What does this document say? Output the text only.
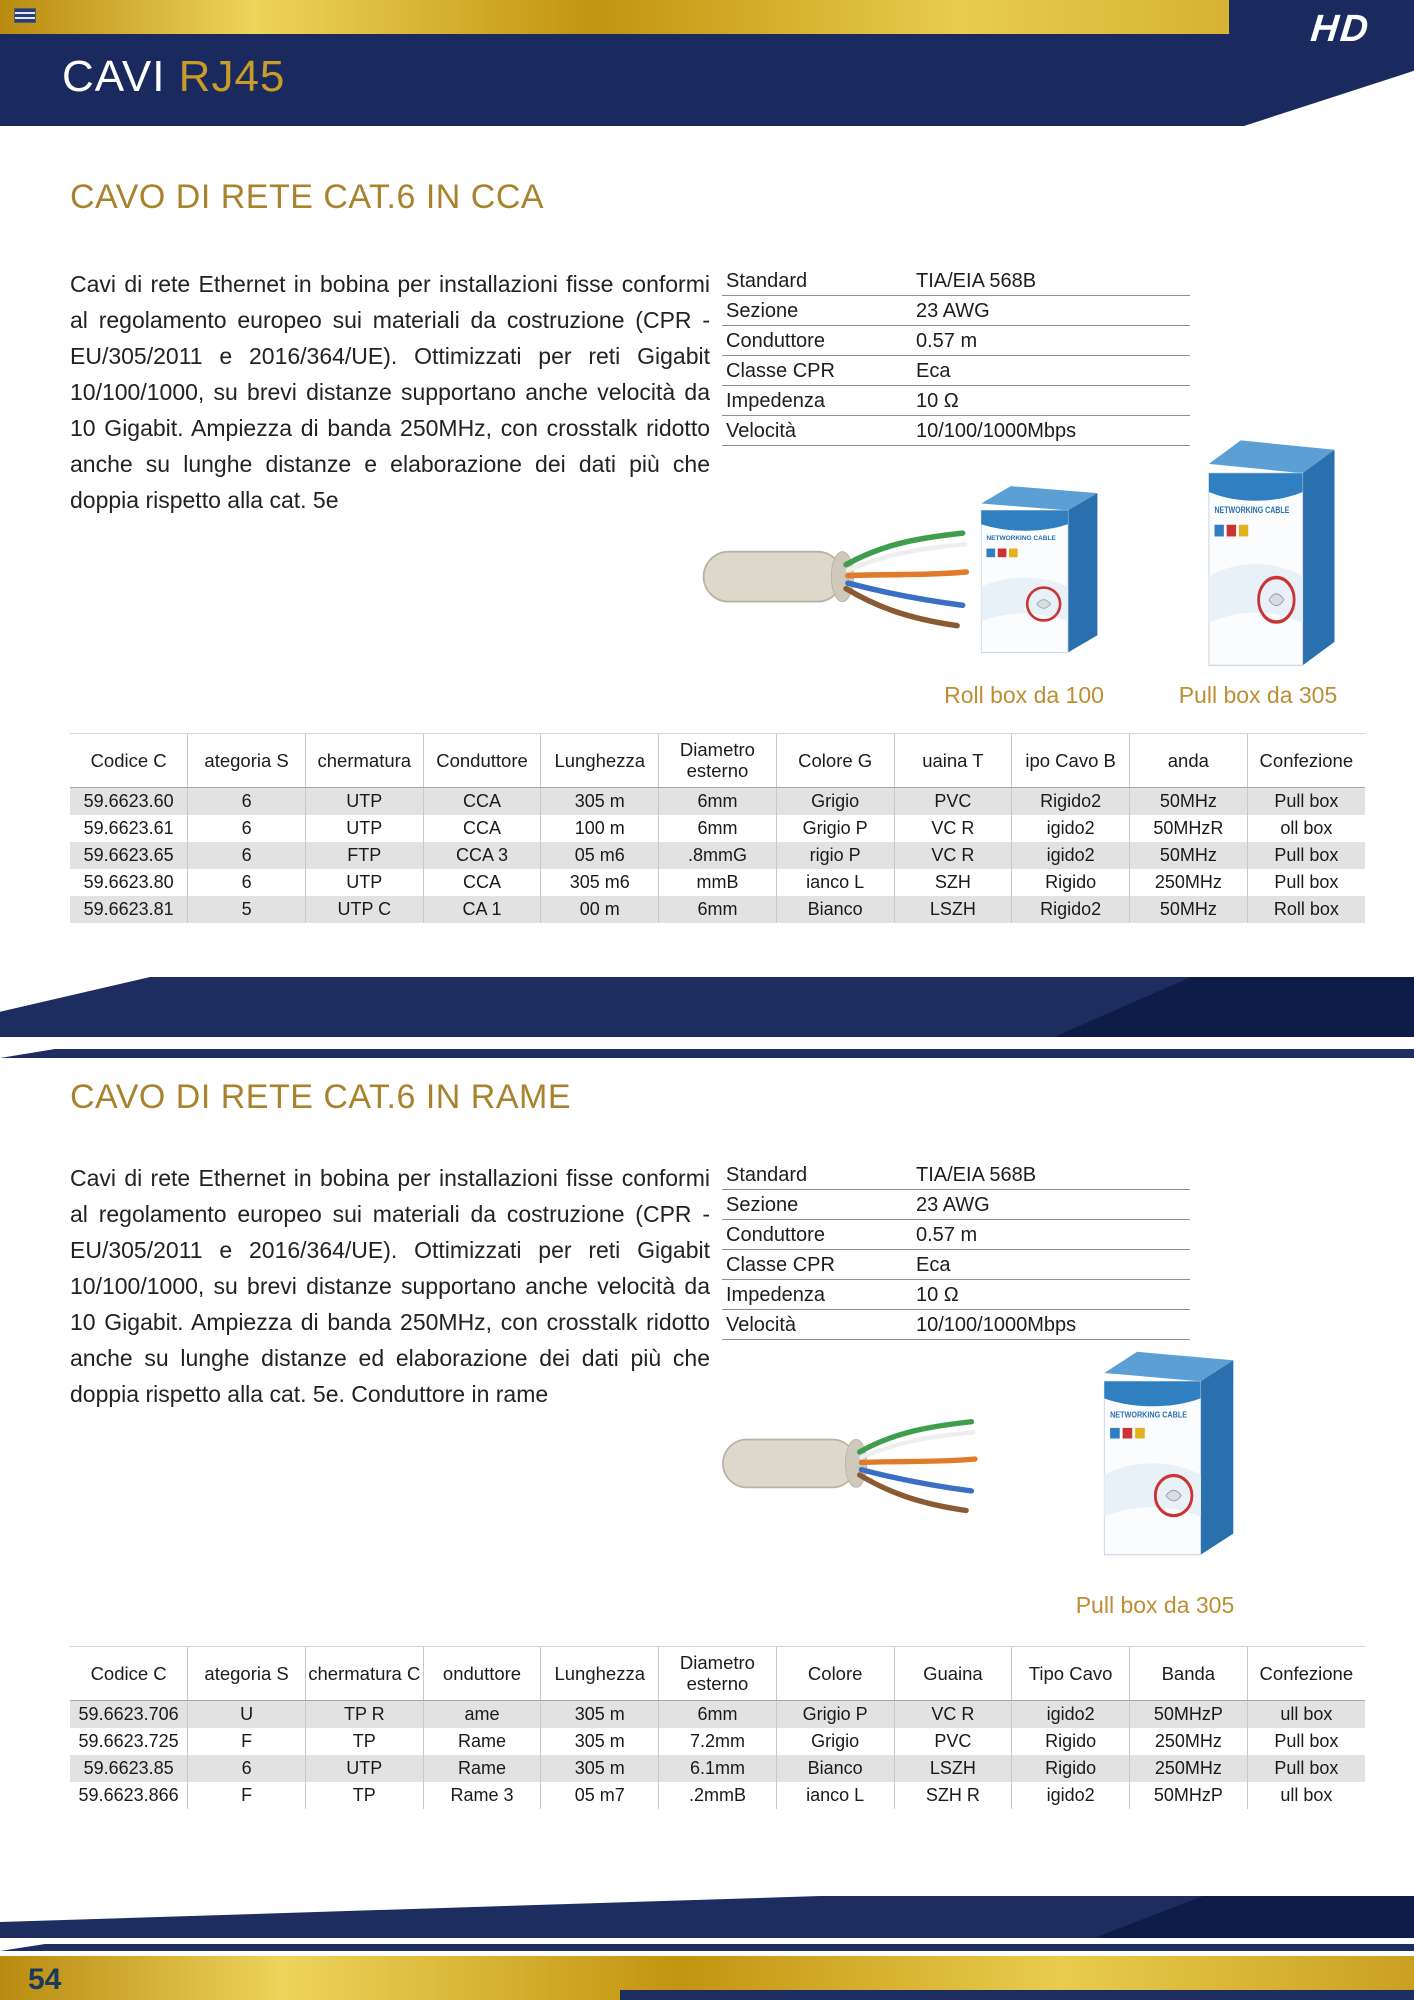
HD
CAVI RJ45
CAVO DI RETE CAT.6 IN CCA

Cavi di rete Ethernet in bobina per installazioni fisse conformi al regolamento europeo sui materiali da costruzione (CPR - EU/305/2011 e 2016/364/UE). Ottimizzati per reti Gigabit 10/100/1000, su brevi distanze supportano anche velocità da 10 Gigabit. Ampiezza di banda 250MHz, con crosstalk ridotto anche su lunghe distanze e elaborazione dei dati più che doppia rispetto alla cat. 5e

Standard	TIA/EIA 568B
Sezione	23 AWG
Conduttore	0.57 m
Classe CPR	Eca
Impedenza	10 Ω
Velocità	10/100/1000Mbps
NETWORKING CABLE
NETWORKING CABLE
Roll box da 100	Pull box da 305
Codice C	ategoria S	chermatura	Conduttore	Lunghezza	Diametro esterno	Colore G	uaina T	ipo Cavo B	anda	Confezione
59.6623.60	6	UTP	CCA	305 m	6mm	Grigio	PVC	Rigido2	50MHz	Pull box
59.6623.61	6	UTP	CCA	100 m	6mm	Grigio P	VC R	igido2	50MHzR	oll box
59.6623.65	6	FTP	CCA 3	05 m6	.8mmG	rigio P	VC R	igido2	50MHz	Pull box
59.6623.80	6	UTP	CCA	305 m6	mmB	ianco L	SZH	Rigido	250MHz	Pull box
59.6623.81	5	UTP C	CA 1	00 m	6mm	Bianco	LSZH	Rigido2	50MHz	Roll box
CAVO DI RETE CAT.6 IN RAME

Cavi di rete Ethernet in bobina per installazioni fisse conformi al regolamento europeo sui materiali da costruzione (CPR - EU/305/2011 e 2016/364/UE). Ottimizzati per reti Gigabit 10/100/1000, su brevi distanze supportano anche velocità da 10 Gigabit. Ampiezza di banda 250MHz, con crosstalk ridotto anche su lunghe distanze ed elaborazione dei dati più che doppia rispetto alla cat. 5e. Conduttore in rame

Standard	TIA/EIA 568B
Sezione	23 AWG
Conduttore	0.57 m
Classe CPR	Eca
Impedenza	10 Ω
Velocità	10/100/1000Mbps
NETWORKING CABLE
Pull box da 305
Codice C	ategoria S	chermatura C	onduttore	Lunghezza	Diametro esterno	Colore	Guaina	Tipo Cavo	Banda	Confezione
59.6623.706	U	TP R	ame	305 m	6mm	Grigio P	VC R	igido2	50MHzP	ull box
59.6623.725	F	TP	Rame	305 m	7.2mm	Grigio	PVC	Rigido	250MHz	Pull box
59.6623.85	6	UTP	Rame	305 m	6.1mm	Bianco	LSZH	Rigido	250MHz	Pull box
59.6623.866	F	TP	Rame 3	05 m7	.2mmB	ianco L	SZH R	igido2	50MHzP	ull box
54
